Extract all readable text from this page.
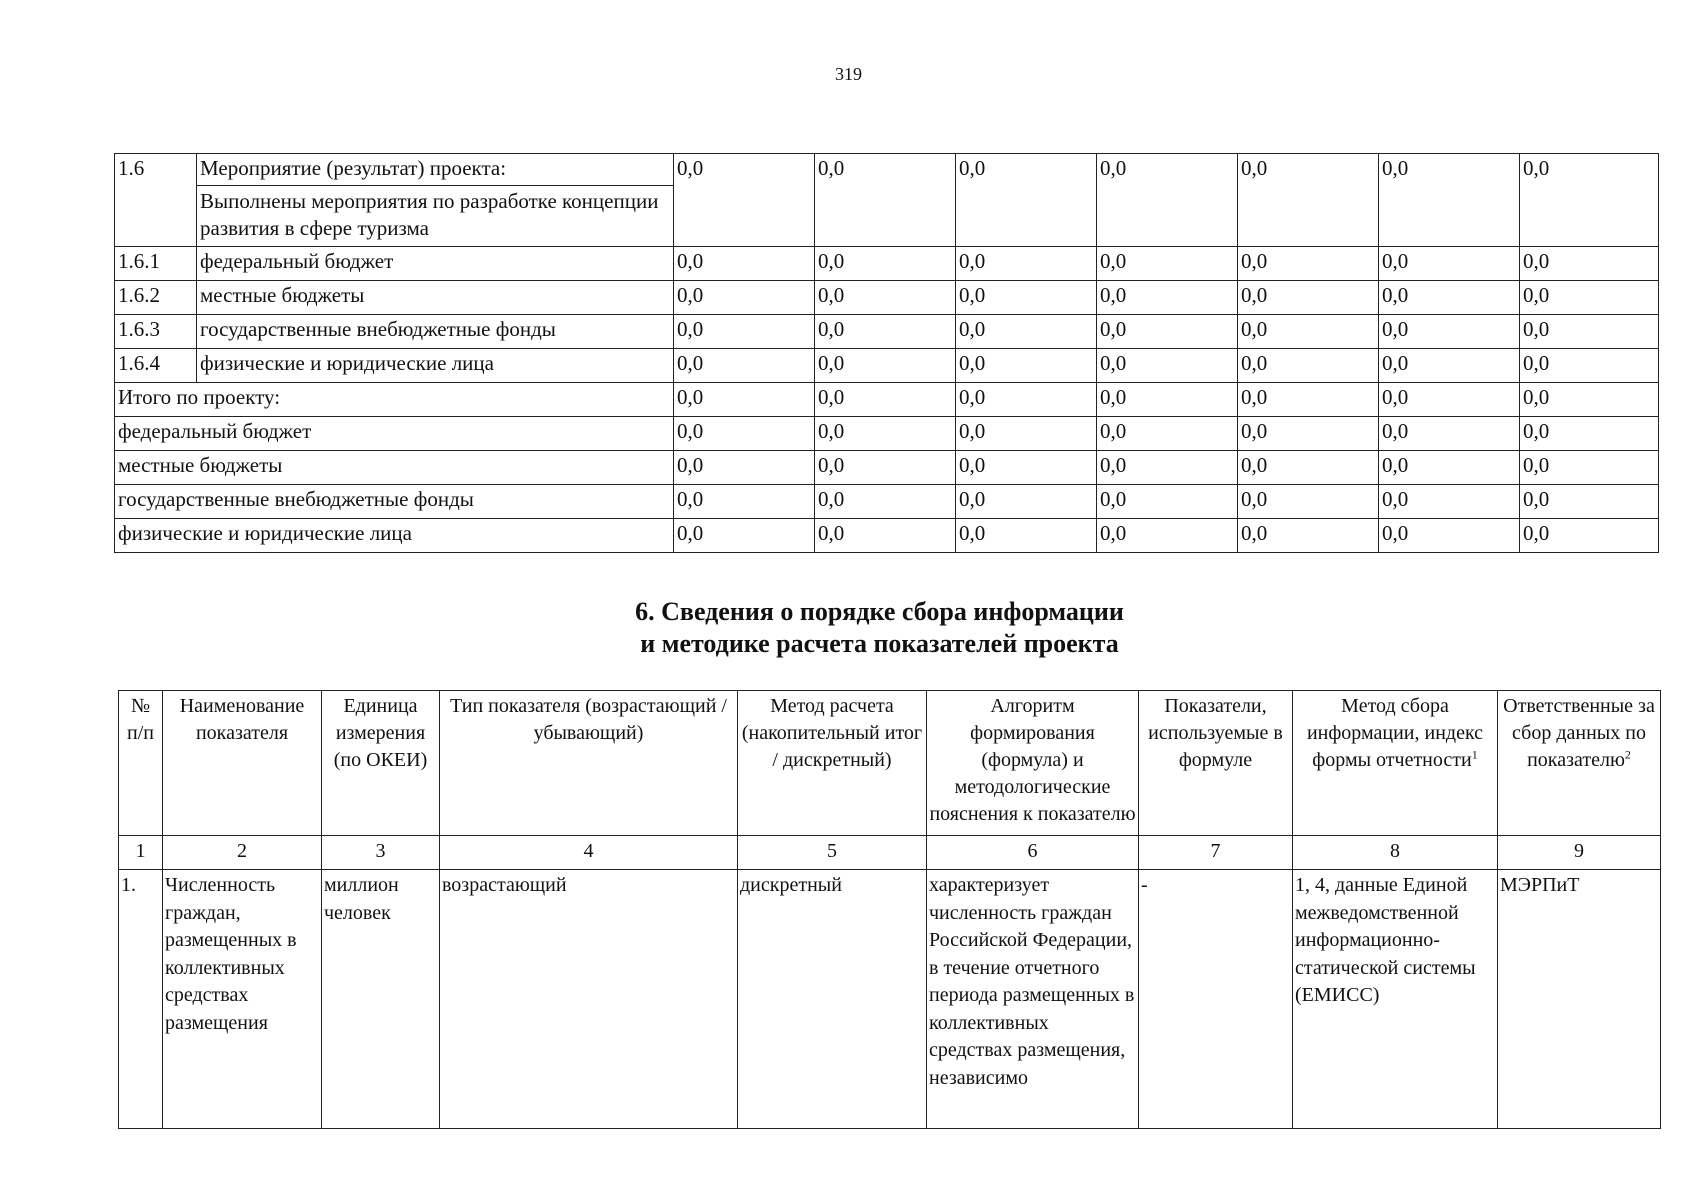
319
1.6	Мероприятие (результат) проекта:	0,0	0,0	0,0	0,0	0,0	0,0	0,0
	Выполнены мероприятия по разработке концепции развития в сфере туризма							
1.6.1	федеральный бюджет	0,0	0,0	0,0	0,0	0,0	0,0	0,0
1.6.2	местные бюджеты	0,0	0,0	0,0	0,0	0,0	0,0	0,0
1.6.3	государственные внебюджетные фонды	0,0	0,0	0,0	0,0	0,0	0,0	0,0
1.6.4	физические и юридические лица	0,0	0,0	0,0	0,0	0,0	0,0	0,0
Итого по проекту:		0,0	0,0	0,0	0,0	0,0	0,0	0,0
федеральный бюджет		0,0	0,0	0,0	0,0	0,0	0,0	0,0
местные бюджеты		0,0	0,0	0,0	0,0	0,0	0,0	0,0
государственные внебюджетные фонды		0,0	0,0	0,0	0,0	0,0	0,0	0,0
физические и юридические лица		0,0	0,0	0,0	0,0	0,0	0,0	0,0
6. Сведения о порядке сбора информации
и методике расчета показателей проекта
№ п/п	Наименование показателя	Единица измерения (по ОКЕИ)	Тип показателя (возрастающий / убывающий)	Метод расчета (накопительный итог / дискретный)	Алгоритм формирования (формула) и методологические пояснения к показателю	Показатели, используемые в формуле	Метод сбора информации, индекс формы отчетности$^1$	Ответственные за сбор данных по показателю$^2$
1	2	3	4	5	6	7	8	9
1.	Численность граждан, размещенных в коллективных средствах размещения	миллион человек	возрастающий	дискретный	характеризует численность граждан Российской Федерации, в течение отчетного периода размещенных в коллективных средствах размещения, независимо	-	1, 4, данные Единой межведомственной информационно-статической системы (ЕМИСС)	МЭРПиТ
